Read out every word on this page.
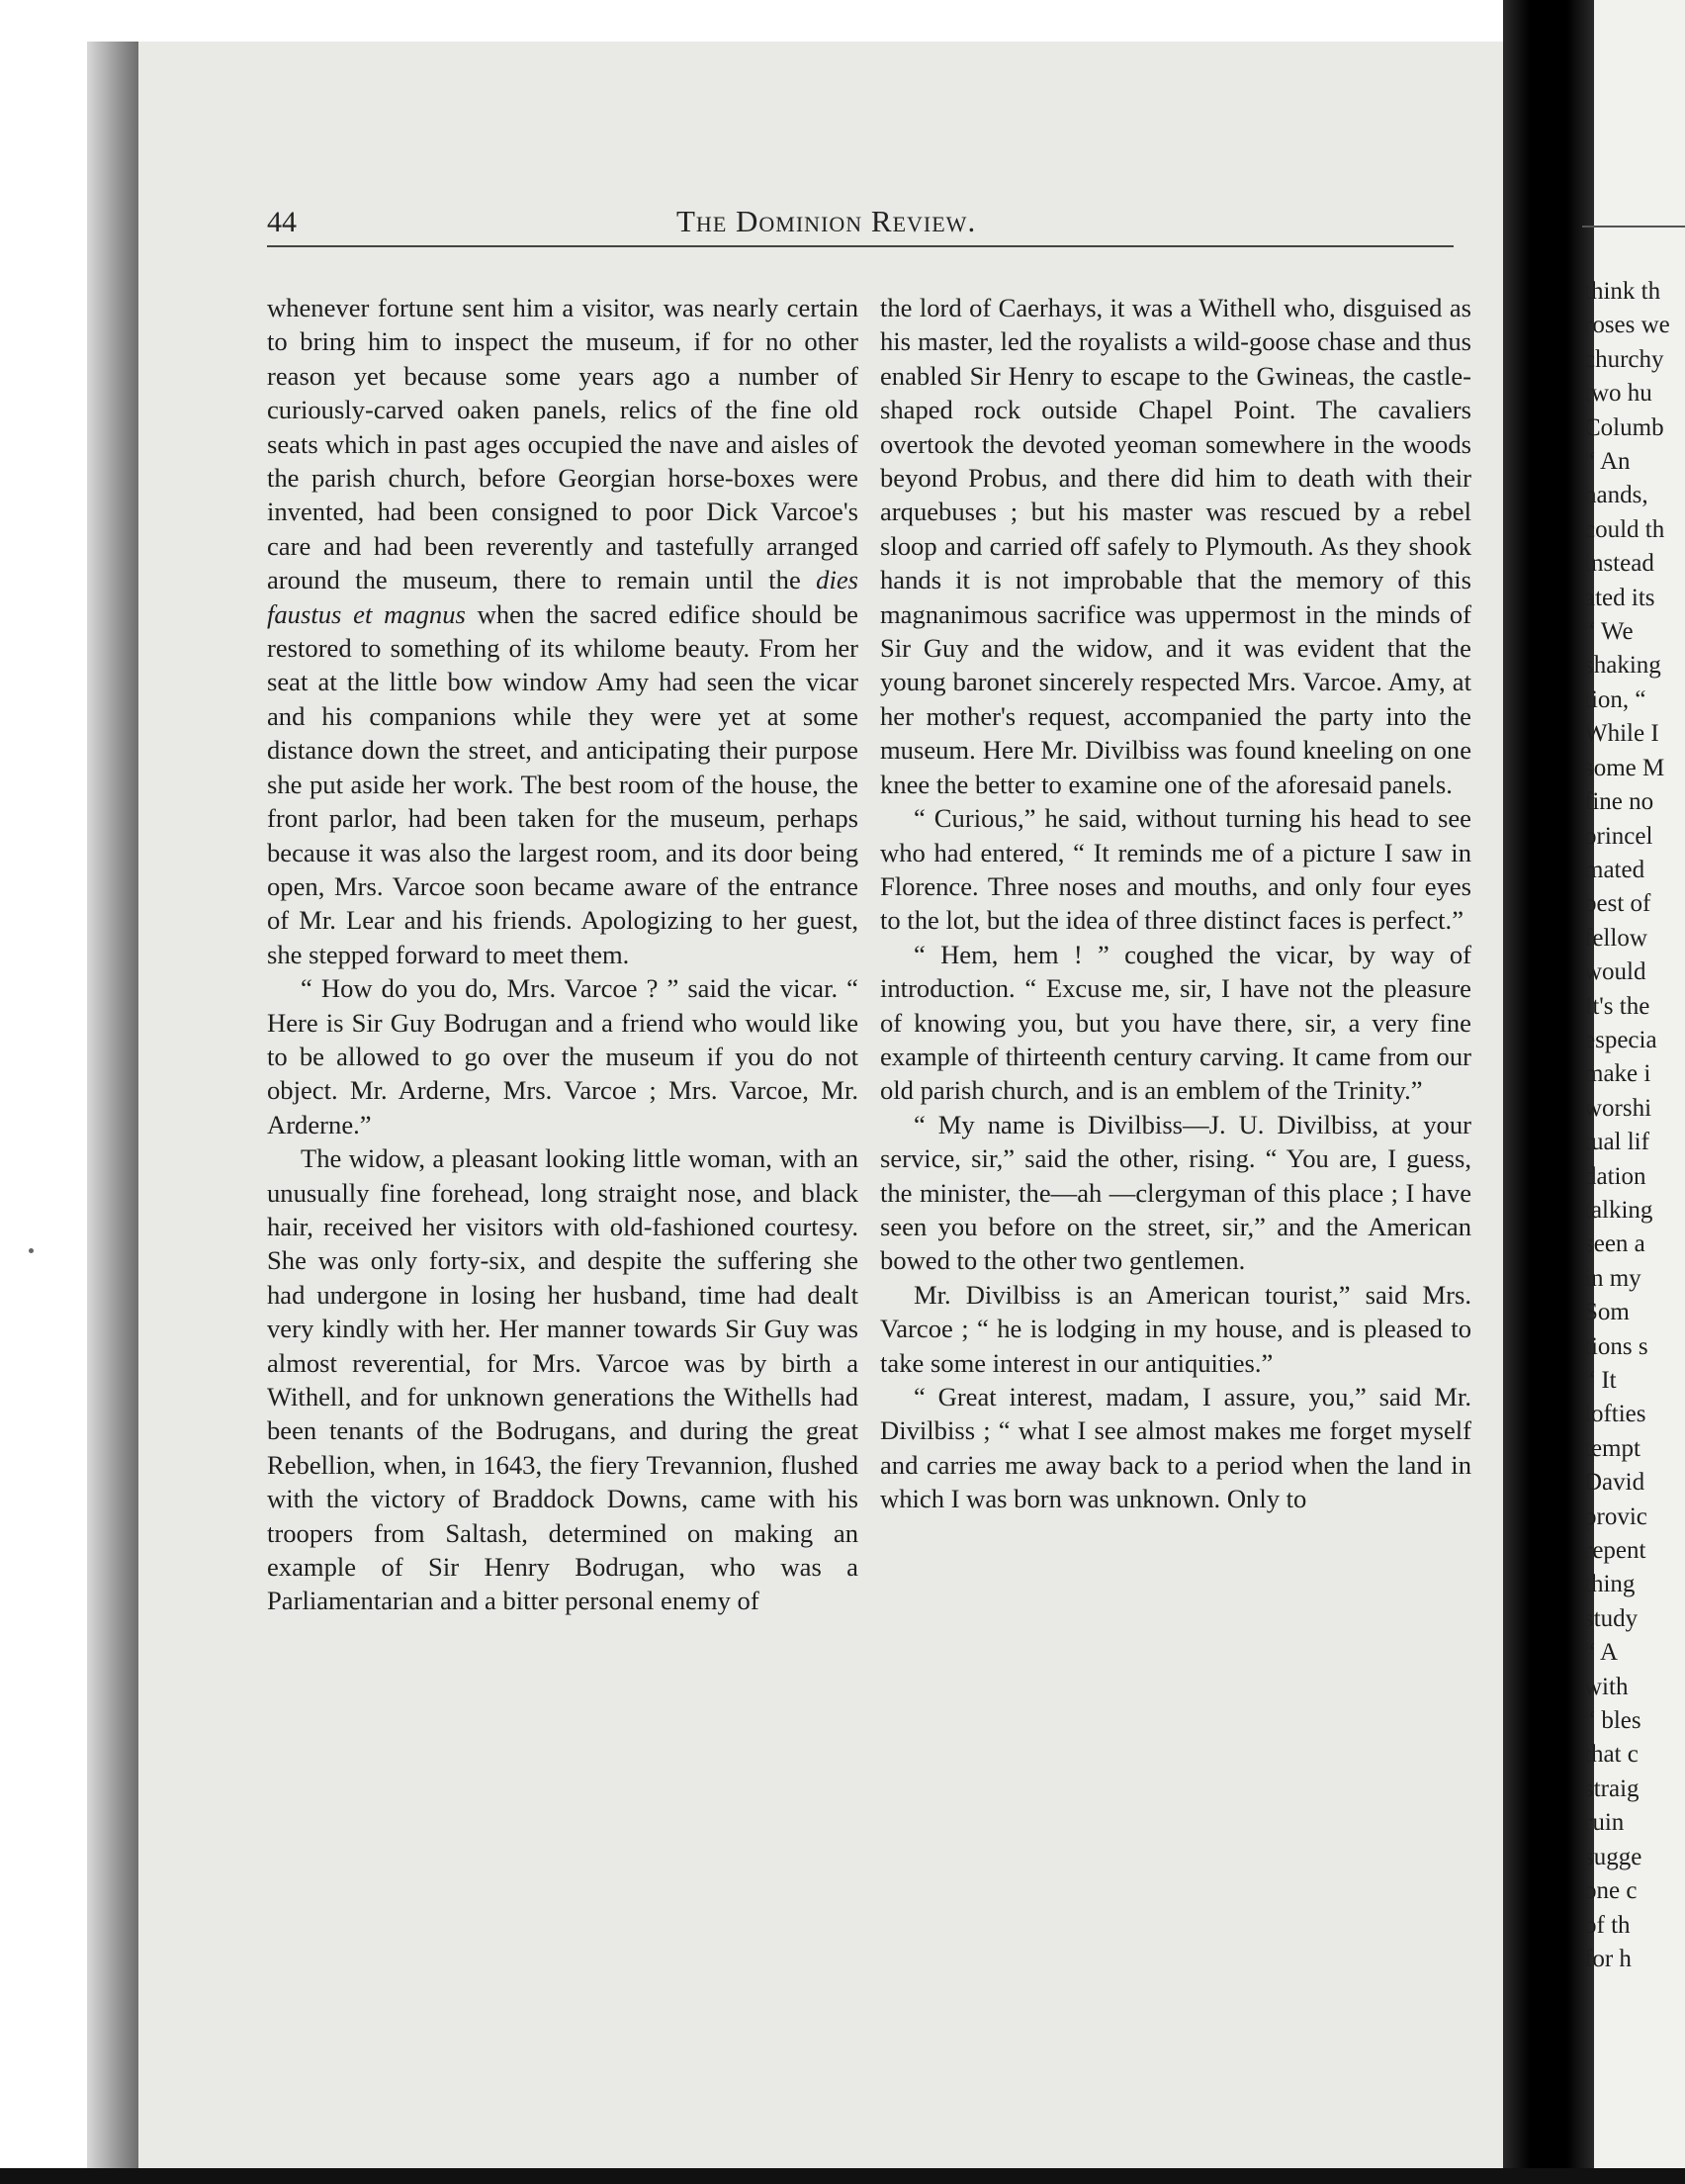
44	The Dominion Review.

whenever fortune sent him a visitor, was nearly certain to bring him to inspect the museum, if for no other reason yet because some years ago a number of curiously-carved oaken panels, relics of the fine old seats which in past ages occupied the nave and aisles of the parish church, before Georgian horse-boxes were invented, had been consigned to poor Dick Varcoe's care and had been reverently and tastefully arranged around the museum, there to remain until the dies faustus et magnus when the sacred edifice should be restored to something of its whilome beauty. From her seat at the little bow window Amy had seen the vicar and his companions while they were yet at some distance down the street, and anticipating their purpose she put aside her work. The best room of the house, the front parlor, had been taken for the museum, perhaps because it was also the largest room, and its door being open, Mrs. Varcoe soon became aware of the entrance of Mr. Lear and his friends. Apologizing to her guest, she stepped forward to meet them.

“ How do you do, Mrs. Varcoe ? ” said the vicar. “ Here is Sir Guy Bodrugan and a friend who would like to be allowed to go over the museum if you do not object. Mr. Arderne, Mrs. Varcoe ; Mrs. Varcoe, Mr. Arderne.”

The widow, a pleasant looking little woman, with an unusually fine forehead, long straight nose, and black hair, received her visitors with old-fashioned courtesy. She was only forty-six, and despite the suffering she had undergone in losing her husband, time had dealt very kindly with her. Her manner towards Sir Guy was almost reverential, for Mrs. Varcoe was by birth a Withell, and for unknown generations the Withells had been tenants of the Bodrugans, and during the great Rebellion, when, in 1643, the fiery Trevannion, flushed with the victory of Braddock Downs, came with his troopers from Saltash, determined on making an example of Sir Henry Bodrugan, who was a Parliamentarian and a bitter personal enemy of

the lord of Caerhays, it was a Withell who, disguised as his master, led the royalists a wild-goose chase and thus enabled Sir Henry to escape to the Gwineas, the castle-shaped rock outside Chapel Point. The cavaliers overtook the devoted yeoman somewhere in the woods beyond Probus, and there did him to death with their arquebuses ; but his master was rescued by a rebel sloop and carried off safely to Plymouth. As they shook hands it is not improbable that the memory of this magnanimous sacrifice was uppermost in the minds of Sir Guy and the widow, and it was evident that the young baronet sincerely respected Mrs. Varcoe. Amy, at her mother's request, accompanied the party into the museum. Here Mr. Divilbiss was found kneeling on one knee the better to examine one of the aforesaid panels.

“ Curious,” he said, without turning his head to see who had entered, “ It reminds me of a picture I saw in Florence. Three noses and mouths, and only four eyes to the lot, but the idea of three distinct faces is perfect.”

“ Hem, hem ! ” coughed the vicar, by way of introduction. “ Excuse me, sir, I have not the pleasure of knowing you, but you have there, sir, a very fine example of thirteenth century carving. It came from our old parish church, and is an emblem of the Trinity.”

“ My name is Divilbiss—J. U. Divilbiss, at your service, sir,” said the other, rising. “ You are, I guess, the minister, the—ah —clergyman of this place ; I have seen you before on the street, sir,” and the American bowed to the other two gentlemen.

Mr. Divilbiss is an American tourist,” said Mrs. Varcoe ; “ he is lodging in my house, and is pleased to take some interest in our antiquities.”

“ Great interest, madam, I assure, you,” said Mr. Divilbiss ; “ what I see almost makes me forget myself and carries me away back to a period when the land in which I was born was unknown. Only to

think th
roses we
churchy
two hu
Columb
“ An
hands,
could th
instead
ated its
“ We
shaking
tion, “
While I
some M
fine no
princel
mated
best of
fellow
would
It's the
especia
make i
worshi
tual lif
dation
talking
seen a
in my
Som
tions s
“ It
lofties
tempt
David
provic
repent
thing
study
“ A
with
“ bles
that c
straig
ruin
sugge
one c
of th
for h
